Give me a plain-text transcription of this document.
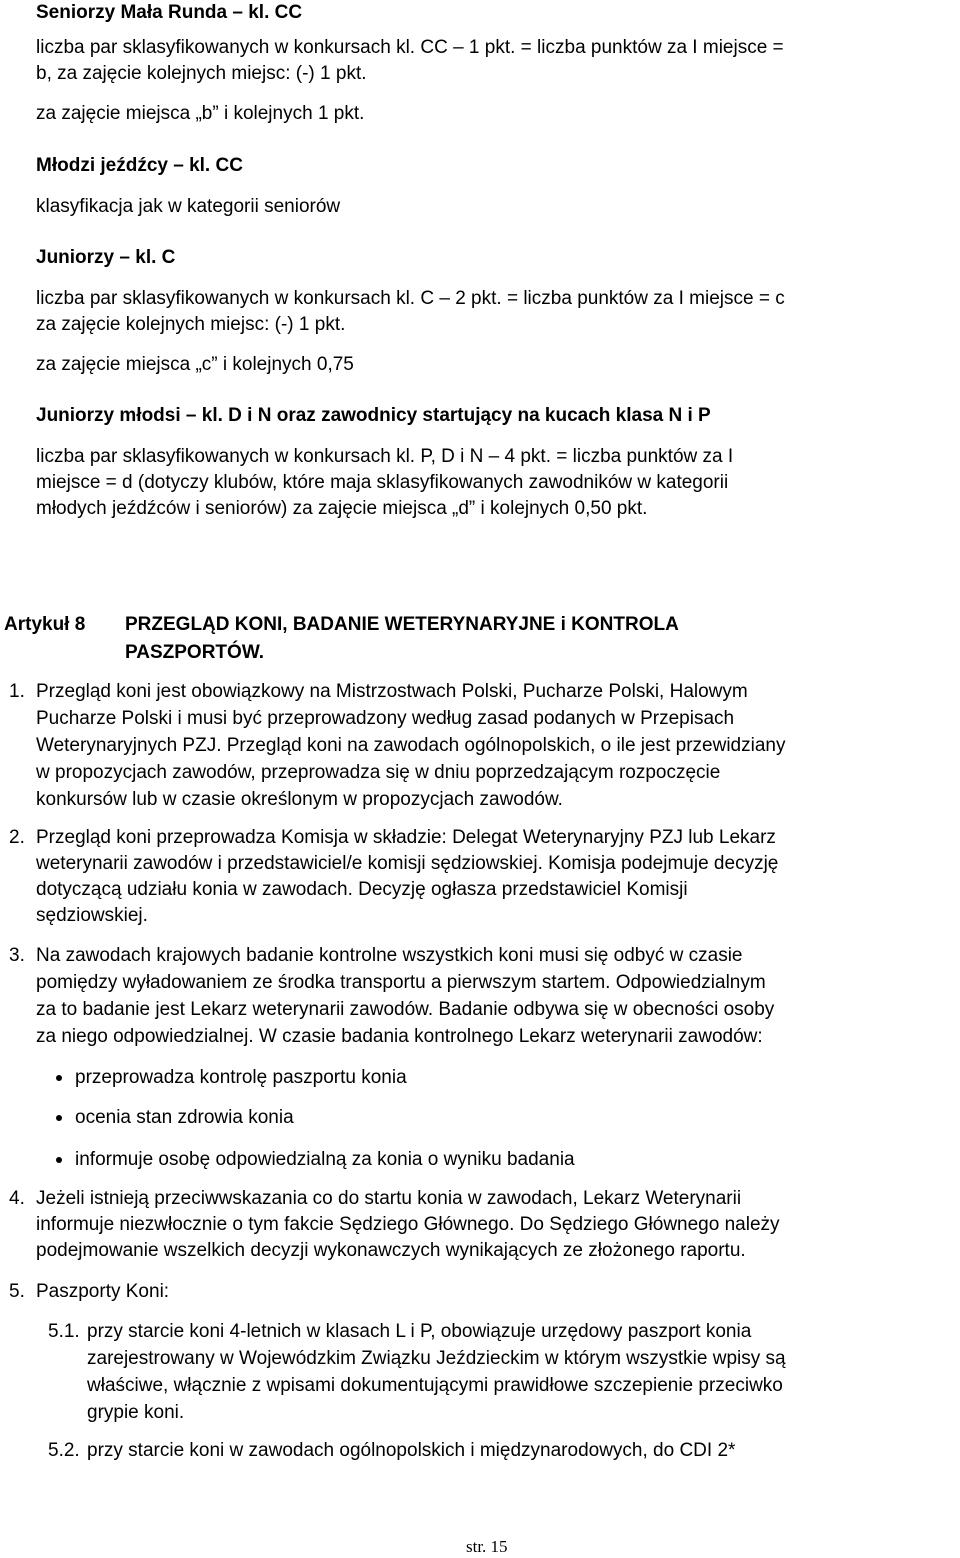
Seniorzy Mała Runda – kl. CC
liczba par sklasyfikowanych w konkursach kl. CC – 1 pkt. = liczba punktów za I miejsce =
b, za zajęcie kolejnych miejsc: (-) 1 pkt.
za zajęcie miejsca „b” i kolejnych 1 pkt.
Młodzi jeźdźcy – kl. CC
klasyfikacja jak w kategorii seniorów
Juniorzy – kl. C
liczba par sklasyfikowanych w konkursach kl. C – 2 pkt. = liczba punktów za I miejsce = c
za zajęcie kolejnych miejsc: (-) 1 pkt.
za zajęcie miejsca „c” i kolejnych 0,75
Juniorzy młodsi – kl. D i N oraz zawodnicy startujący na kucach klasa N i P
liczba par sklasyfikowanych w konkursach kl. P, D i N – 4 pkt. = liczba punktów za I
miejsce = d (dotyczy klubów, które maja sklasyfikowanych zawodników w kategorii
młodych jeźdźców i seniorów) za zajęcie miejsca „d” i kolejnych 0,50 pkt.
Artykuł 8 PRZEGLĄD KONI, BADANIE WETERYNARYJNE i KONTROLA
PASZPORTÓW.
1. Przegląd koni jest obowiązkowy na Mistrzostwach Polski, Pucharze Polski, Halowym
Pucharze Polski i musi być przeprowadzony według zasad podanych w Przepisach
Weterynaryjnych PZJ. Przegląd koni na zawodach ogólnopolskich, o ile jest przewidziany
w propozycjach zawodów, przeprowadza się w dniu poprzedzającym rozpoczęcie
konkursów lub w czasie określonym w propozycjach zawodów.
2. Przegląd koni przeprowadza Komisja w składzie: Delegat Weterynaryjny PZJ lub Lekarz
weterynarii zawodów i przedstawiciel/e komisji sędziowskiej. Komisja podejmuje decyzję
dotyczącą udziału konia w zawodach. Decyzję ogłasza przedstawiciel Komisji
sędziowskiej.
3. Na zawodach krajowych badanie kontrolne wszystkich koni musi się odbyć w czasie
pomiędzy wyładowaniem ze środka transportu a pierwszym startem. Odpowiedzialnym
za to badanie jest Lekarz weterynarii zawodów. Badanie odbywa się w obecności osoby
za niego odpowiedzialnej. W czasie badania kontrolnego Lekarz weterynarii zawodów:
przeprowadza kontrolę paszportu konia
ocenia stan zdrowia konia
informuje osobę odpowiedzialną za konia o wyniku badania
4. Jeżeli istnieją przeciwwskazania co do startu konia w zawodach, Lekarz Weterynarii
informuje niezwłocznie o tym fakcie Sędziego Głównego. Do Sędziego Głównego należy
podejmowanie wszelkich decyzji wykonawczych wynikających ze złożonego raportu.
5. Paszporty Koni:
5.1. przy starcie koni 4-letnich w klasach L i P, obowiązuje urzędowy paszport konia
zarejestrowany w Wojewódzkim Związku Jeździeckim w którym wszystkie wpisy są
właściwe, włącznie z wpisami dokumentującymi prawidłowe szczepienie przeciwko
grypie koni.
5.2. przy starcie koni w zawodach ogólnopolskich i międzynarodowych, do CDI 2*
str. 15
